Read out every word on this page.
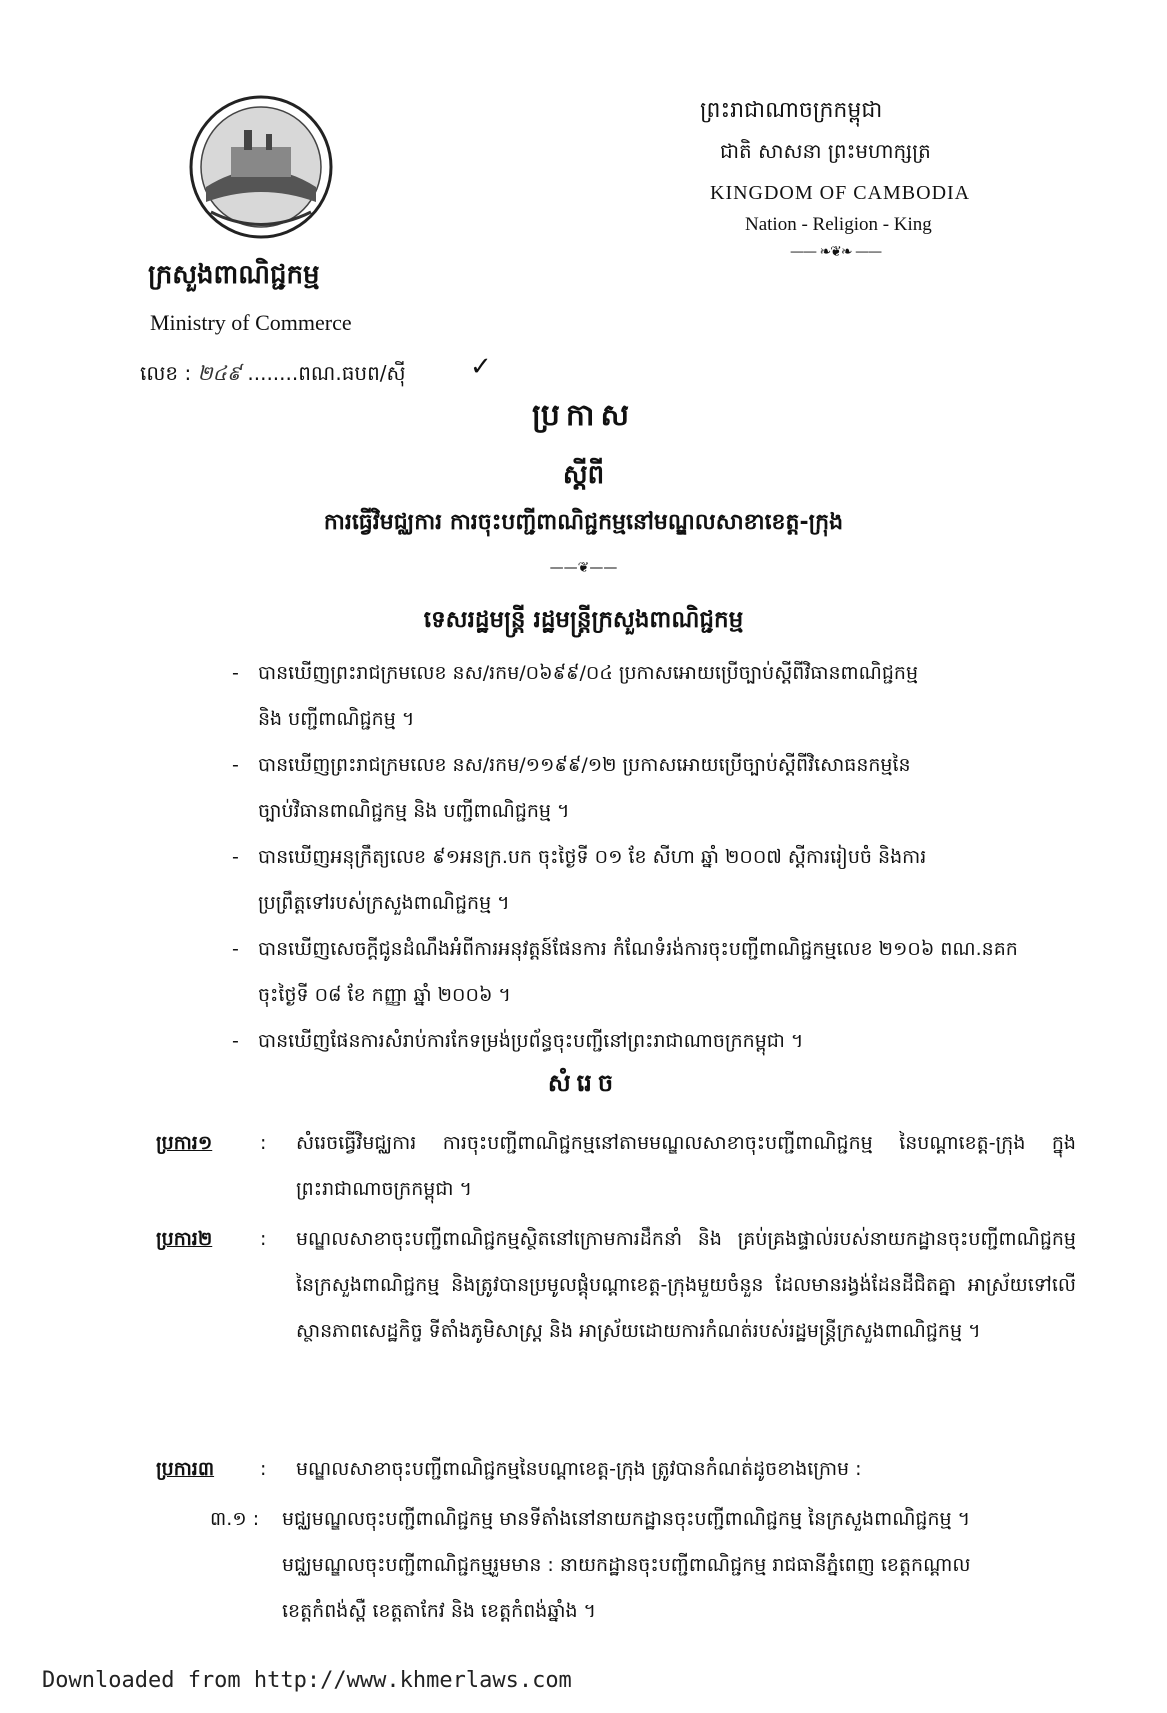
ក្រសួងពាណិជ្ជកម្ម
Ministry of Commerce
លេខ : ២៤៩ ........ពណ.ធបព/ស៊ី ✓
ព្រះរាជាណាចក្រកម្ពុជា
ជាតិ សាសនា ព្រះមហាក្សត្រ
KINGDOM OF CAMBODIA
Nation - Religion - King
—— ❧❦❧ ——
ប្រកាស
ស្តីពី
ការធ្វើវិមជ្ឈការ ការចុះបញ្ជីពាណិជ្ជកម្មនៅមណ្ឌលសាខាខេត្ត-ក្រុង
——❦——
ទេសរដ្ឋមន្ត្រី រដ្ឋមន្ត្រីក្រសួងពាណិជ្ជកម្ម
- បានឃើញព្រះរាជក្រមលេខ នស/រកម/០៦៩៩/០៤ ប្រកាសអោយប្រើច្បាប់ស្តីពីវិធានពាណិជ្ជកម្ម
និង បញ្ជីពាណិជ្ជកម្ម ។
- បានឃើញព្រះរាជក្រមលេខ នស/រកម/១១៩៩/១២ ប្រកាសអោយប្រើច្បាប់ស្តីពីវិសោធនកម្មនៃ
ច្បាប់វិធានពាណិជ្ជកម្ម និង បញ្ជីពាណិជ្ជកម្ម ។
- បានឃើញអនុក្រឹត្យលេខ ៩១អនក្រ.បក ចុះថ្ងៃទី ០១ ខែ សីហា ឆ្នាំ ២០០៧ ស្តីការរៀបចំ និងការ
ប្រព្រឹត្តទៅរបស់ក្រសួងពាណិជ្ជកម្ម ។
- បានឃើញសេចក្តីជូនដំណឹងអំពីការអនុវត្តន៍ផែនការ កំណែទំរង់ការចុះបញ្ជីពាណិជ្ជកម្មលេខ ២១០៦ ពណ.នគក
ចុះថ្ងៃទី ០៨ ខែ កញ្ញា ឆ្នាំ ២០០៦ ។
- បានឃើញផែនការសំរាប់ការកែទម្រង់ប្រព័ន្ធចុះបញ្ជីនៅព្រះរាជាណាចក្រកម្ពុជា ។
សំរេច
ប្រការ១	: សំរេចធ្វើវិមជ្ឈការ ការចុះបញ្ជីពាណិជ្ជកម្មនៅតាមមណ្ឌលសាខាចុះបញ្ជីពាណិជ្ជកម្ម នៃបណ្តាខេត្ត-ក្រុង ក្នុងព្រះរាជាណាចក្រកម្ពុជា ។
ប្រការ២	: មណ្ឌលសាខាចុះបញ្ជីពាណិជ្ជកម្មស្ថិតនៅក្រោមការដឹកនាំ និង គ្រប់គ្រងផ្ទាល់របស់នាយកដ្ឋានចុះបញ្ជីពាណិជ្ជកម្ម នៃក្រសួងពាណិជ្ជកម្ម និងត្រូវបានប្រមូលផ្តុំបណ្តាខេត្ត-ក្រុងមួយចំនួន ដែលមានរង្វង់ដែនដីជិតគ្នា អាស្រ័យទៅលើស្ថានភាពសេដ្ឋកិច្ច ទីតាំងភូមិសាស្ត្រ និង អាស្រ័យដោយការកំណត់របស់រដ្ឋមន្ត្រីក្រសួងពាណិជ្ជកម្ម ។
ប្រការ៣ : មណ្ឌលសាខាចុះបញ្ជីពាណិជ្ជកម្មនៃបណ្តាខេត្ត-ក្រុង ត្រូវបានកំណត់ដូចខាងក្រោម :
៣.១ : មជ្ឈមណ្ឌលចុះបញ្ជីពាណិជ្ជកម្ម មានទីតាំងនៅនាយកដ្ឋានចុះបញ្ជីពាណិជ្ជកម្ម នៃក្រសួងពាណិជ្ជកម្ម ។
មជ្ឈមណ្ឌលចុះបញ្ជីពាណិជ្ជកម្មរួមមាន : នាយកដ្ឋានចុះបញ្ជីពាណិជ្ជកម្ម រាជធានីភ្នំពេញ ខេត្តកណ្តាល
ខេត្តកំពង់ស្ពឺ ខេត្តតាកែវ និង ខេត្តកំពង់ឆ្នាំង ។
Downloaded from http://www.khmerlaws.com
